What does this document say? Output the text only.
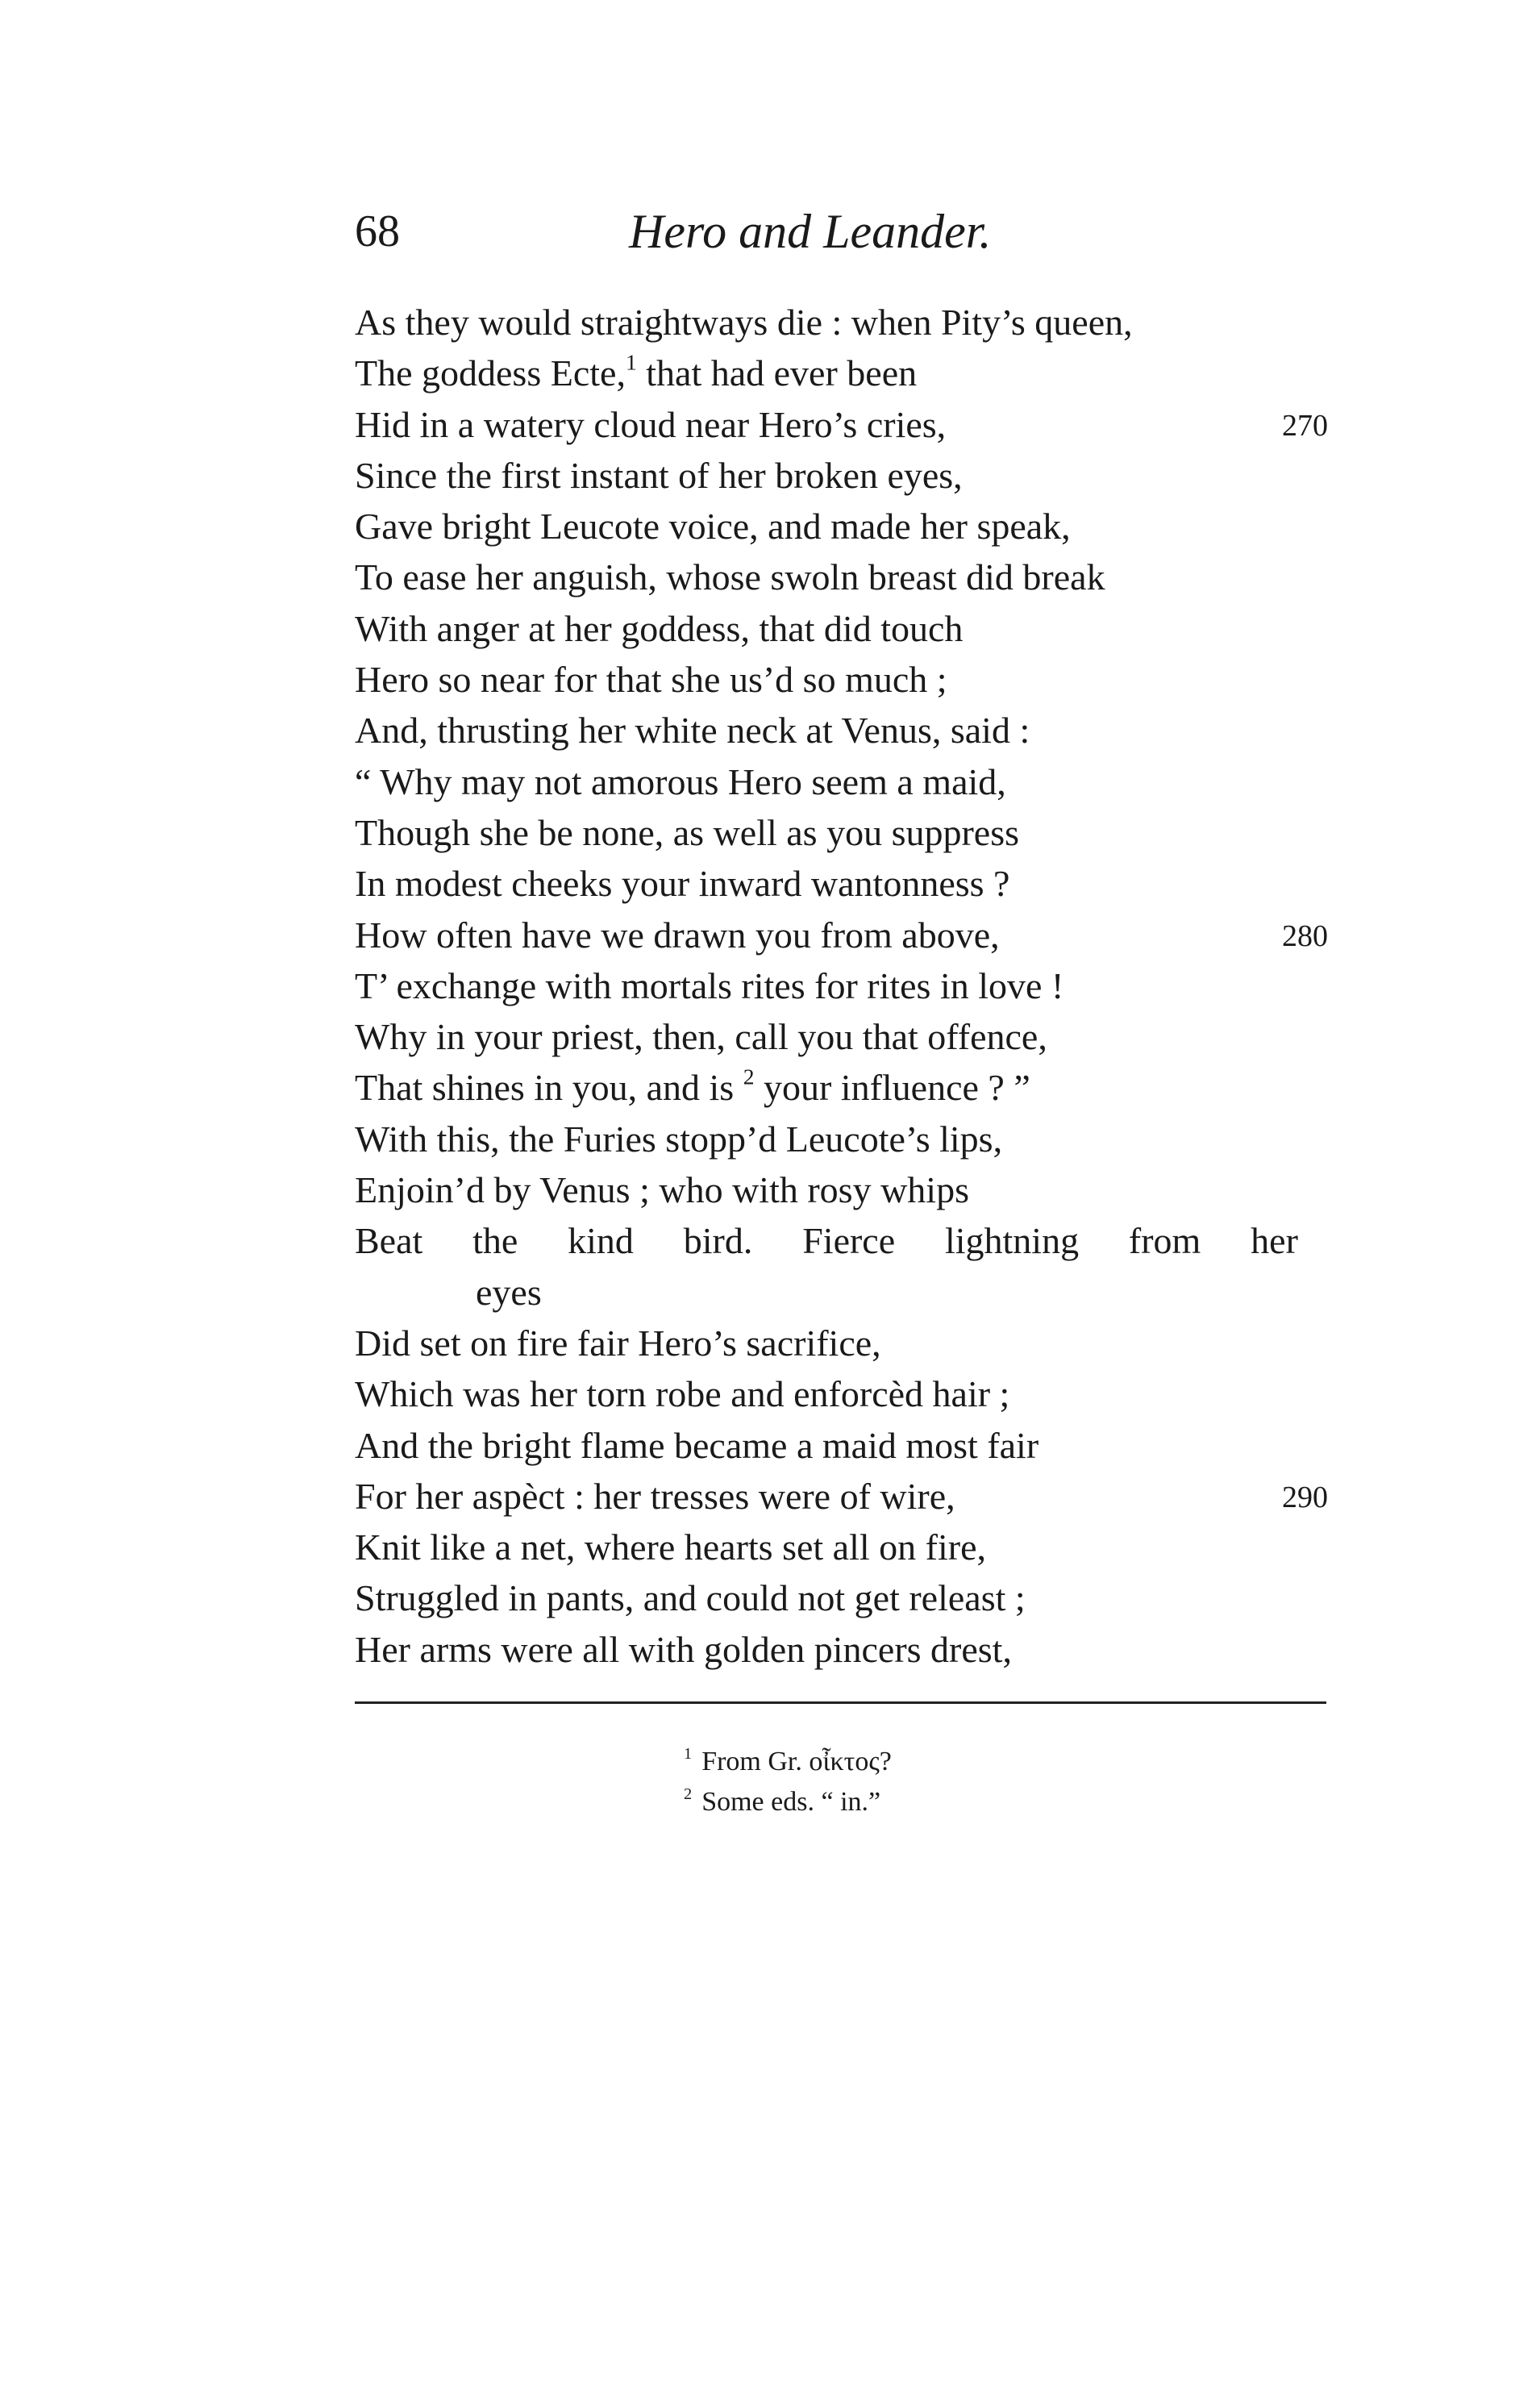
68	Hero and Leander.
As they would straightways die : when Pity’s queen,
The goddess Ecte,$^1$ that had ever been
Hid in a watery cloud near Hero’s cries,	270
Since the first instant of her broken eyes,
Gave bright Leucote voice, and made her speak,
To ease her anguish, whose swoln breast did break
With anger at her goddess, that did touch
Hero so near for that she us’d so much ;
And, thrusting her white neck at Venus, said :
“ Why may not amorous Hero seem a maid,
Though she be none, as well as you suppress
In modest cheeks your inward wantonness ?
How often have we drawn you from above,	280
T’ exchange with mortals rites for rites in love !
Why in your priest, then, call you that offence,
That shines in you, and is $^2$ your influence ? ”
With this, the Furies stopp’d Leucote’s lips,
Enjoin’d by Venus ; who with rosy whips
Beat the kind bird. Fierce lightning from her
eyes
Did set on fire fair Hero’s sacrifice,
Which was her torn robe and enforcèd hair ;
And the bright flame became a maid most fair
For her aspèct : her tresses were of wire,	290
Knit like a net, where hearts set all on fire,
Struggled in pants, and could not get releast ;
Her arms were all with golden pincers drest,
$^1$ From Gr. οἶκτος?
$^2$ Some eds. “ in.”
